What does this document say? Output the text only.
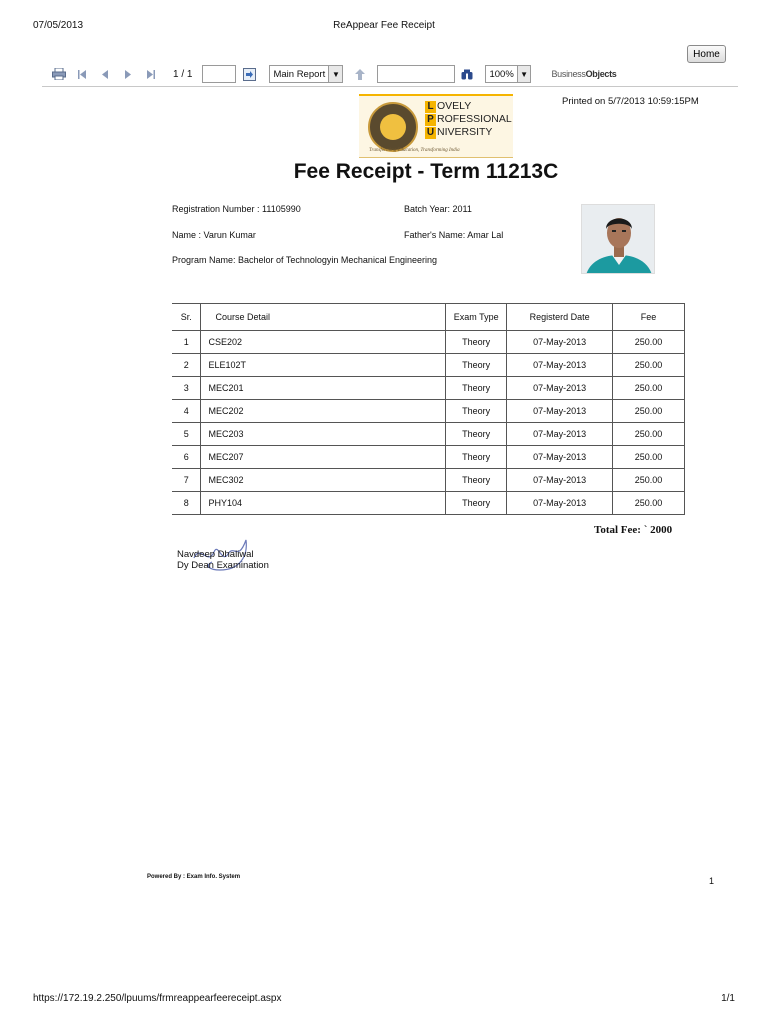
07/05/2013	ReAppear Fee Receipt
Home
1 / 1	Main Report ▼	100% ▼	BusinessObjects
L OVELY
P ROFESSIONAL
U NIVERSITY
Transforming Education, Transforming India
Printed on 5/7/2013 10:59:15PM
Fee Receipt - Term 11213C
Registration Number : 11105990	Batch Year: 2011
Name : Varun Kumar	Father's Name: Amar Lal
Program Name: Bachelor of Technologyin Mechanical Engineering
Sr.	Course Detail	Exam Type	Registerd Date	Fee
1	CSE202	Theory	07-May-2013	250.00
2	ELE102T	Theory	07-May-2013	250.00
3	MEC201	Theory	07-May-2013	250.00
4	MEC202	Theory	07-May-2013	250.00
5	MEC203	Theory	07-May-2013	250.00
6	MEC207	Theory	07-May-2013	250.00
7	MEC302	Theory	07-May-2013	250.00
8	PHY104	Theory	07-May-2013	250.00
Total Fee: ` 2000
Navdeep Dhaliwal
Dy Dean Examination
Powered By : Exam Info. System	1
https://172.19.2.250/lpuums/frmreappearfeereceipt.aspx	1/1
